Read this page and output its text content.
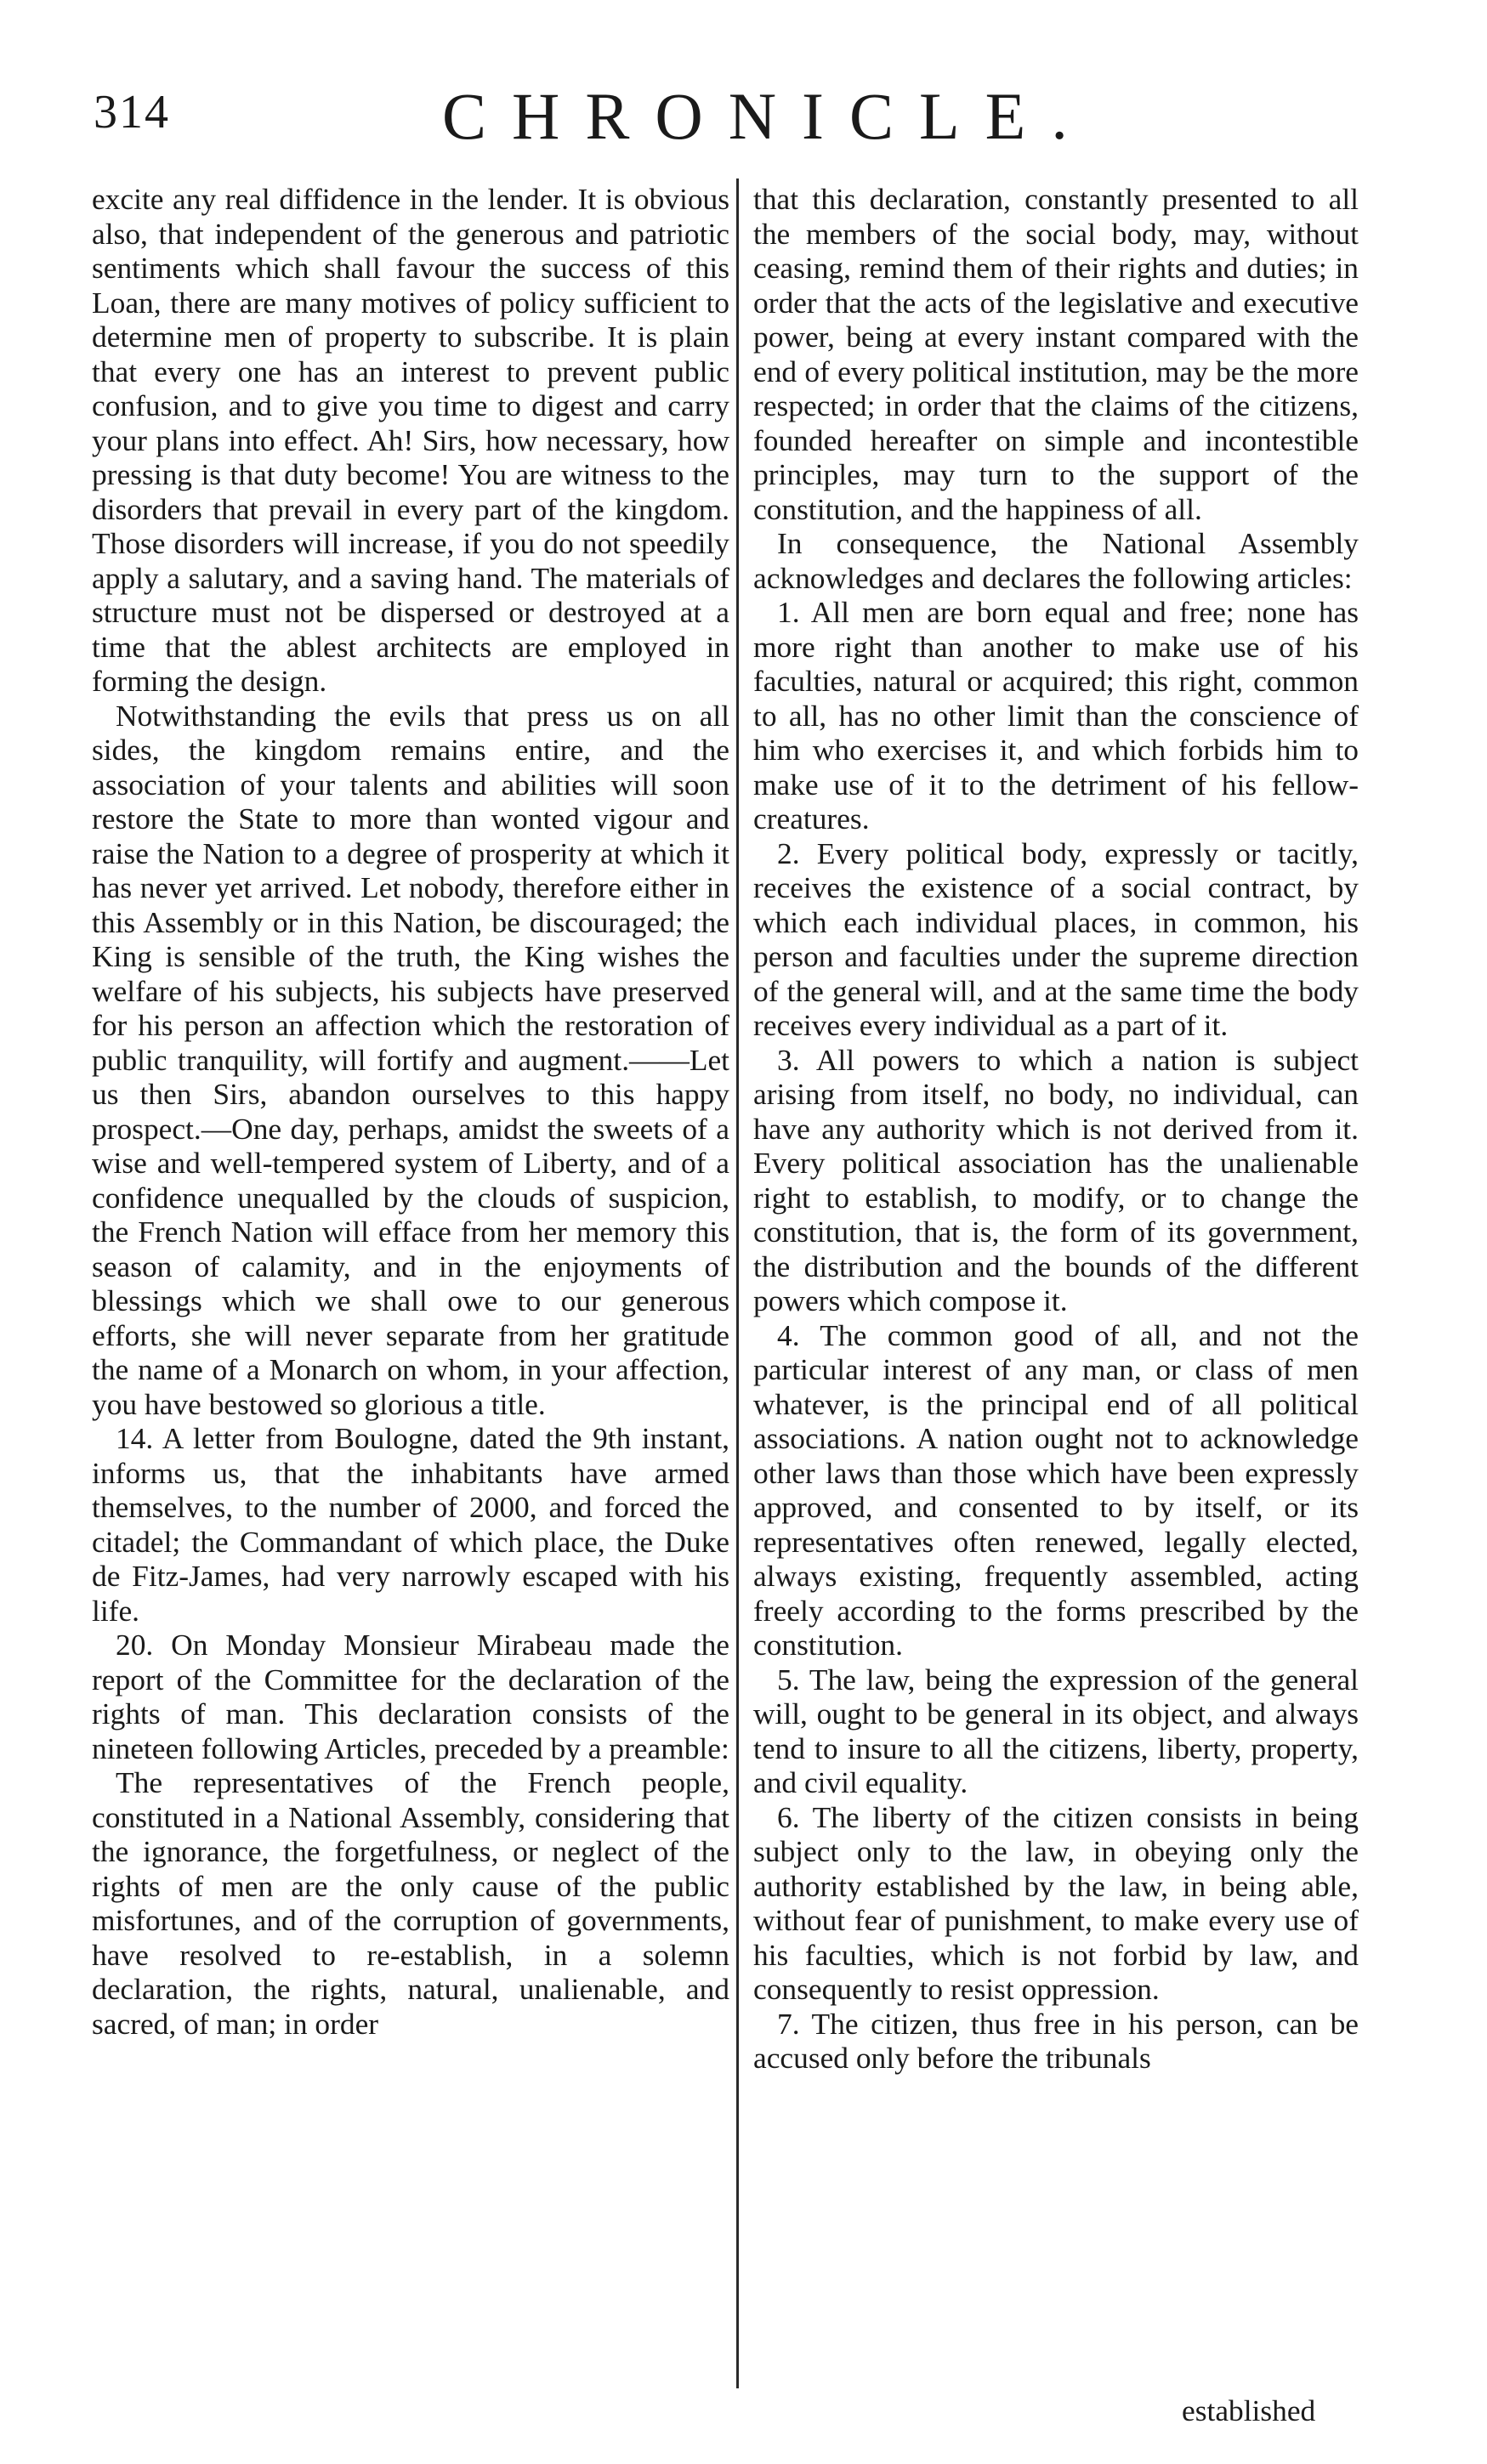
314	CHRONICLE.

excite any real diffidence in the lender. It is obvious also, that independent of the generous and patriotic sentiments which shall favour the success of this Loan, there are many motives of policy sufficient to determine men of property to subscribe. It is plain that every one has an interest to prevent public confusion, and to give you time to digest and carry your plans into effect. Ah! Sirs, how necessary, how pressing is that duty become! You are witness to the disorders that prevail in every part of the kingdom. Those disorders will increase, if you do not speedily apply a salutary, and a saving hand. The materials of structure must not be dispersed or destroyed at a time that the ablest architects are employed in forming the design.

Notwithstanding the evils that press us on all sides, the kingdom remains entire, and the association of your talents and abilities will soon restore the State to more than wonted vigour and raise the Nation to a degree of prosperity at which it has never yet arrived. Let nobody, therefore either in this Assembly or in this Nation, be discouraged; the King is sensible of the truth, the King wishes the welfare of his subjects, his subjects have preserved for his person an affection which the restoration of public tranquility, will fortify and augment.——Let us then Sirs, abandon ourselves to this happy prospect.—One day, perhaps, amidst the sweets of a wise and well-tempered system of Liberty, and of a confidence unequalled by the clouds of suspicion, the French Nation will efface from her memory this season of calamity, and in the enjoyments of blessings which we shall owe to our generous efforts, she will never separate from her gratitude the name of a Monarch on whom, in your affection, you have bestowed so glorious a title.

14. A letter from Boulogne, dated the 9th instant, informs us, that the inhabitants have armed themselves, to the number of 2000, and forced the citadel; the Commandant of which place, the Duke de Fitz-James, had very narrowly escaped with his life.

20. On Monday Monsieur Mirabeau made the report of the Committee for the declaration of the rights of man. This declaration consists of the nineteen following Articles, preceded by a preamble:

The representatives of the French people, constituted in a National Assembly, considering that the ignorance, the forgetfulness, or neglect of the rights of men are the only cause of the public misfortunes, and of the corruption of governments, have resolved to re-establish, in a solemn declaration, the rights, natural, unalienable, and sacred, of man; in order

that this declaration, constantly presented to all the members of the social body, may, without ceasing, remind them of their rights and duties; in order that the acts of the legislative and executive power, being at every instant compared with the end of every political institution, may be the more respected; in order that the claims of the citizens, founded hereafter on simple and incontestible principles, may turn to the support of the constitution, and the happiness of all.

In consequence, the National Assembly acknowledges and declares the following articles:

1. All men are born equal and free; none has more right than another to make use of his faculties, natural or acquired; this right, common to all, has no other limit than the conscience of him who exercises it, and which forbids him to make use of it to the detriment of his fellow-creatures.

2. Every political body, expressly or tacitly, receives the existence of a social contract, by which each individual places, in common, his person and faculties under the supreme direction of the general will, and at the same time the body receives every individual as a part of it.

3. All powers to which a nation is subject arising from itself, no body, no individual, can have any authority which is not derived from it. Every political association has the unalienable right to establish, to modify, or to change the constitution, that is, the form of its government, the distribution and the bounds of the different powers which compose it.

4. The common good of all, and not the particular interest of any man, or class of men whatever, is the principal end of all political associations. A nation ought not to acknowledge other laws than those which have been expressly approved, and consented to by itself, or its representatives often renewed, legally elected, always existing, frequently assembled, acting freely according to the forms prescribed by the constitution.

5. The law, being the expression of the general will, ought to be general in its object, and always tend to insure to all the citizens, liberty, property, and civil equality.

6. The liberty of the citizen consists in being subject only to the law, in obeying only the authority established by the law, in being able, without fear of punishment, to make every use of his faculties, which is not forbid by law, and consequently to resist oppression.

7. The citizen, thus free in his person, can be accused only before the tribunals

established
